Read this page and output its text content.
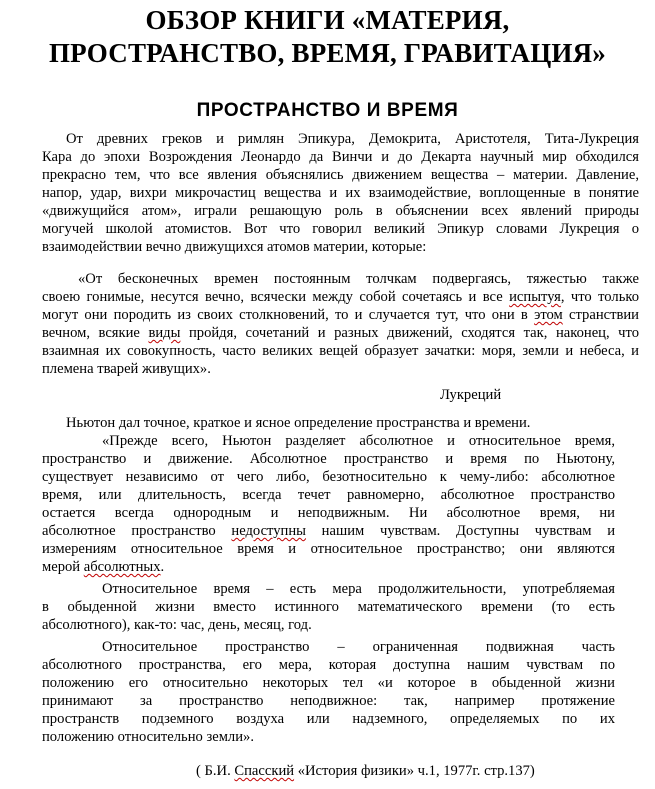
ОБЗОР КНИГИ «МАТЕРИЯ,
ПРОСТРАНСТВО, ВРЕМЯ, ГРАВИТАЦИЯ»
ПРОСТРАНСТВО И ВРЕМЯ
От древних греков и римлян Эпикура, Демокрита, Аристотеля, Тита-Лукреция
Кара до эпохи Возрождения Леонардо да Винчи и до Декарта научный мир обходился
прекрасно тем, что все явления объяснялись движением вещества – материи. Давление,
напор, удар, вихри микрочастиц вещества и их взаимодействие, воплощенные в понятие
«движущийся атом», играли решающую роль в объяснении всех явлений природы
могучей школой атомистов. Вот что говорил великий Эпикур словами Лукреция о
взаимодействии вечно движущихся атомов материи, которые:
«От бесконечных времен постоянным толчкам подвергаясь, тяжестью также
своею гонимые, несутся вечно, всячески между собой сочетаясь и все испытуя, что только
могут они породить из своих столкновений, то и случается тут, что они в этом странствии
вечном, всякие виды пройдя, сочетаний и разных движений, сходятся так, наконец, что
взаимная их совокупность, часто великих вещей образует зачатки: моря, земли и небеса, и
племена тварей живущих».
Лукреций
Ньютон дал точное, краткое и ясное определение пространства и времени.
«Прежде всего, Ньютон разделяет абсолютное и относительное время,
пространство и движение. Абсолютное пространство и время по Ньютону,
существует независимо от чего либо, безотносительно к чему-либо: абсолютное
время, или длительность, всегда течет равномерно, абсолютное пространство
остается всегда однородным и неподвижным. Ни абсолютное время, ни
абсолютное пространство недоступны нашим чувствам. Доступны чувствам и
измерениям относительное время и относительное пространство; они являются
мерой абсолютных.
Относительное время – есть мера продолжительности, употребляемая
в обыденной жизни вместо истинного математического времени (то есть
абсолютного), как-то: час, день, месяц, год.
Относительное пространство – ограниченная подвижная часть
абсолютного пространства, его мера, которая доступна нашим чувствам по
положению его относительно некоторых тел «и которое в обыденной жизни
принимают за пространство неподвижное: так, например протяжение
пространств подземного воздуха или надземного, определяемых по их
положению относительно земли».
( Б.И. Спасский «История физики» ч.1, 1977г. стр.137)
